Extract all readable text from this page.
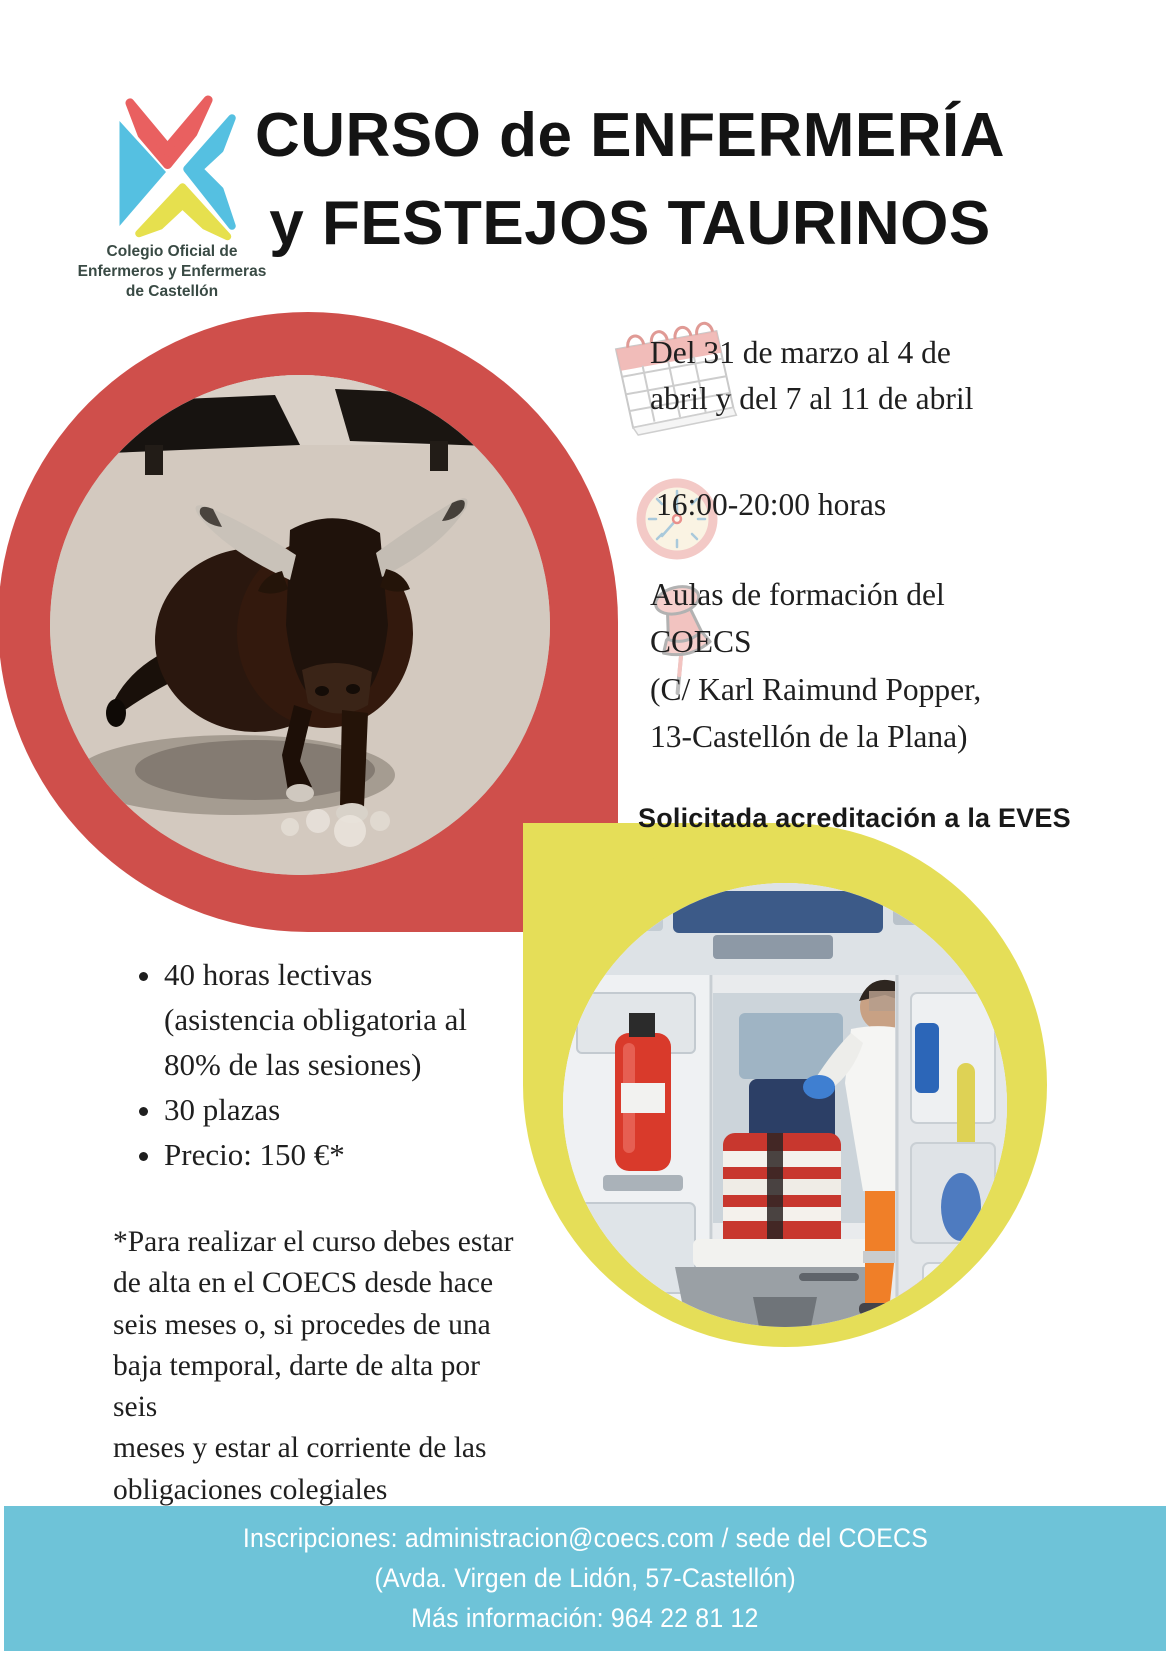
Colegio Oficial de
Enfermeros y Enfermeras
de Castellón
CURSO de ENFERMERÍA
y FESTEJOS TAURINOS
Del 31 de marzo al 4 de
abril y del 7 al 11 de abril
16:00-20:00 horas
Aulas de formación del
COECS
(C/ Karl Raimund Popper,
13-Castellón de la Plana)
Solicitada acreditación a la EVES
• 40 horas lectivas (asistencia obligatoria al 80% de las sesiones)
• 30 plazas
• Precio: 150 €*
*Para realizar el curso debes estar
de alta en el COECS desde hace
seis meses o, si procedes de una
baja temporal, darte de alta por seis
meses y estar al corriente de las
obligaciones colegiales
Inscripciones: administracion@coecs.com / sede del COECS
(Avda. Virgen de Lidón, 57-Castellón)
Más información: 964 22 81 12
